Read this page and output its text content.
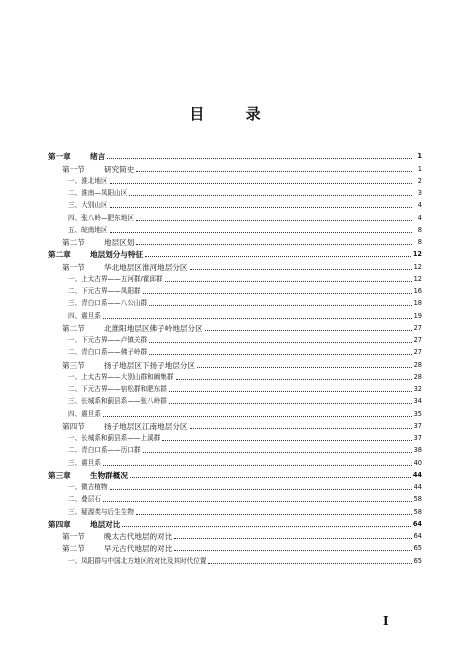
目 录
第一章	绪言	1
第一节	研究简史	1
一、淮北地区	2
二、淮南—凤阳山区	3
三、大别山区	4
四、张八岭—肥东地区	4
五、皖南地区	8
第二节	地层区划	8
第二章	地层划分与特征	12
第一节	华北地层区淮河地层分区	12
一、上太古界——五河群/霍邱群	12
二、下元古界——凤阳群	16
三、青白口系——八公山群	18
四、震旦系	19
第二节	北淮阳地层区佛子岭地层分区	27
一、下元古界——卢镇关群	27
二、青白口系——佛子岭群	27
第三节	扬子地层区下扬子地层分区	28
一、上太古界——大别山群和阚集群	28
二、下元古界——宿松群和肥东群	32
三、长城系和蓟县系——张八岭群	34
四、震旦系	35
第四节	扬子地层区江南地层分区	37
一、长城系和蓟县系——上溪群	37
二、青白口系——历口群	38
三、震旦系	40
第三章	生物群概况	44
一、微古植物	44
二、叠层石	58
三、疑源类与后生生物	58
第四章	地层对比	64
第一节	晚太古代地层的对比	64
第二节	早元古代地层的对比	65
一、凤阳群与中国北方地区的对比及其时代位置	65
I
